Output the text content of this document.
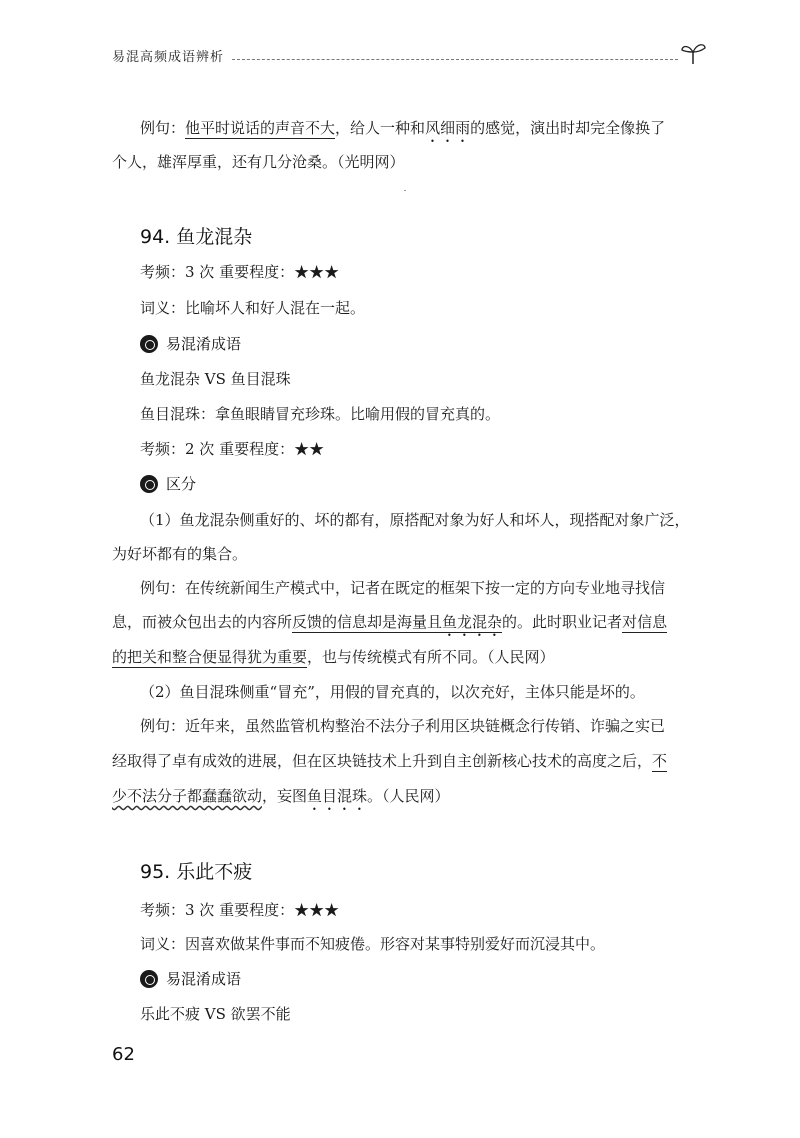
易混高频成语辨析
例句：他平时说话的声音不大，给人一种和风细雨的感觉，演出时却完全像换了
个人，雄浑厚重，还有几分沧桑。（光明网）
94. 鱼龙混杂
考频：3 次 重要程度：★★★
词义：比喻坏人和好人混在一起。
易混淆成语
鱼龙混杂 VS 鱼目混珠
鱼目混珠：拿鱼眼睛冒充珍珠。比喻用假的冒充真的。
考频：2 次 重要程度：★★
区分
（1）鱼龙混杂侧重好的、坏的都有，原搭配对象为好人和坏人，现搭配对象广泛，
为好坏都有的集合。
例句：在传统新闻生产模式中，记者在既定的框架下按一定的方向专业地寻找信
息，而被众包出去的内容所反馈的信息却是海量且鱼龙混杂的。此时职业记者对信息
的把关和整合便显得犹为重要，也与传统模式有所不同。（人民网）
（2）鱼目混珠侧重“冒充”，用假的冒充真的，以次充好，主体只能是坏的。
例句：近年来，虽然监管机构整治不法分子利用区块链概念行传销、诈骗之实已
经取得了卓有成效的进展，但在区块链技术上升到自主创新核心技术的高度之后，不
少不法分子都蠢蠢欲动，妄图鱼目混珠。（人民网）
95. 乐此不疲
考频：3 次 重要程度：★★★
词义：因喜欢做某件事而不知疲倦。形容对某事特别爱好而沉浸其中。
易混淆成语
乐此不疲 VS 欲罢不能
62
